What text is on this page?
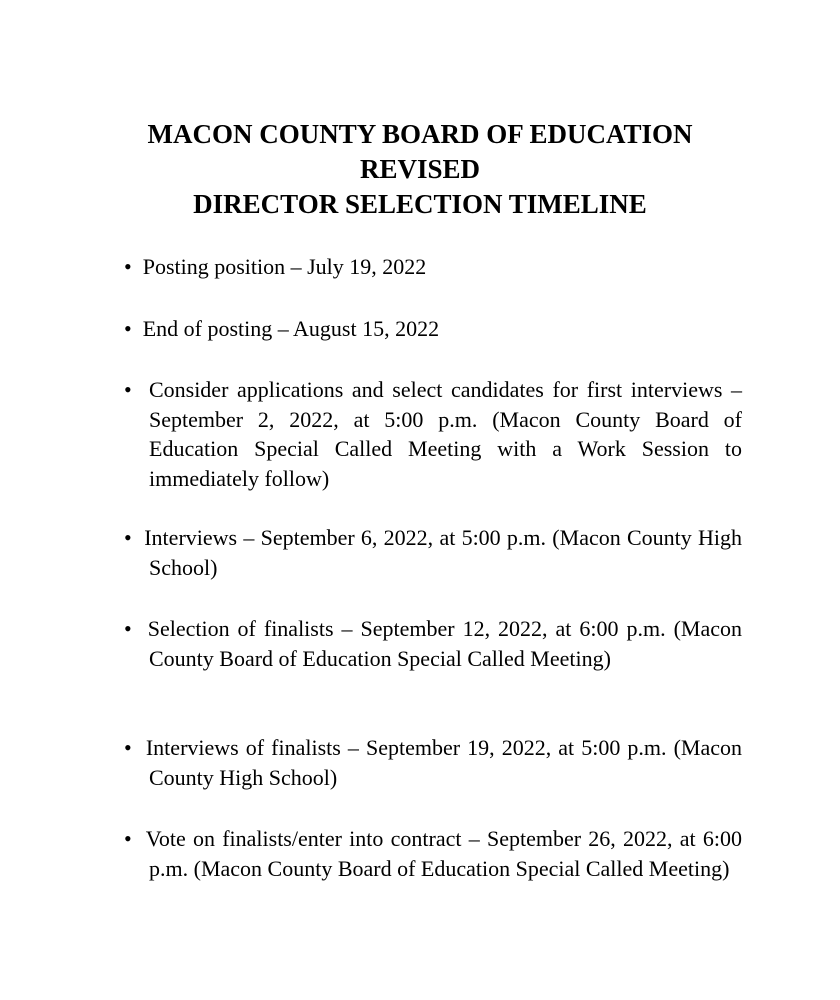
MACON COUNTY BOARD OF EDUCATION
REVISED
DIRECTOR SELECTION TIMELINE
•  Posting position – July 19, 2022
•  End of posting – August 15, 2022
•  Consider applications and select candidates for first interviews – September 2, 2022, at 5:00 p.m. (Macon County Board of Education Special Called Meeting with a Work Session to immediately follow)
•  Interviews – September 6, 2022, at 5:00 p.m. (Macon County High School)
•  Selection of finalists – September 12, 2022, at 6:00 p.m. (Macon County Board of Education Special Called Meeting)
•  Interviews of finalists – September 19, 2022, at 5:00 p.m. (Macon County High School)
•  Vote on finalists/enter into contract – September 26, 2022, at 6:00 p.m. (Macon County Board of Education Special Called Meeting)
